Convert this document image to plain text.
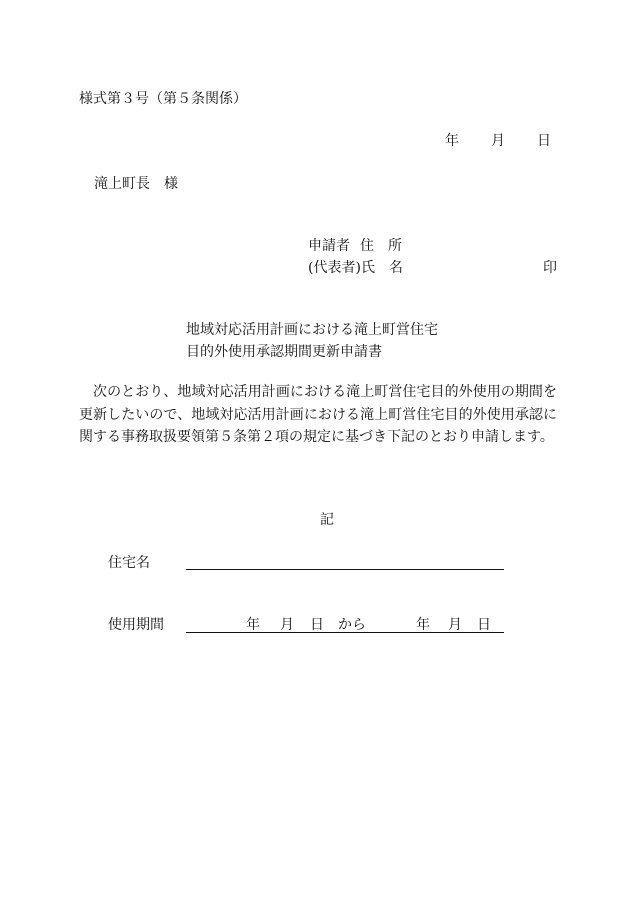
様式第３号（第５条関係）
年 月 日
滝上町長 様
申請者 住　所
(代表者)氏　名	印
地域対応活用計画における滝上町営住宅
目的外使用承認期間更新申請書

　次のとおり、地域対応活用計画における滝上町営住宅目的外使用の期間を更新したいので、地域対応活用計画における滝上町営住宅目的外使用承認に関する事務取扱要領第５条第２項の規定に基づき下記のとおり申請します。

記
住宅名
使用期間	年 月 日 から	年 月 日
